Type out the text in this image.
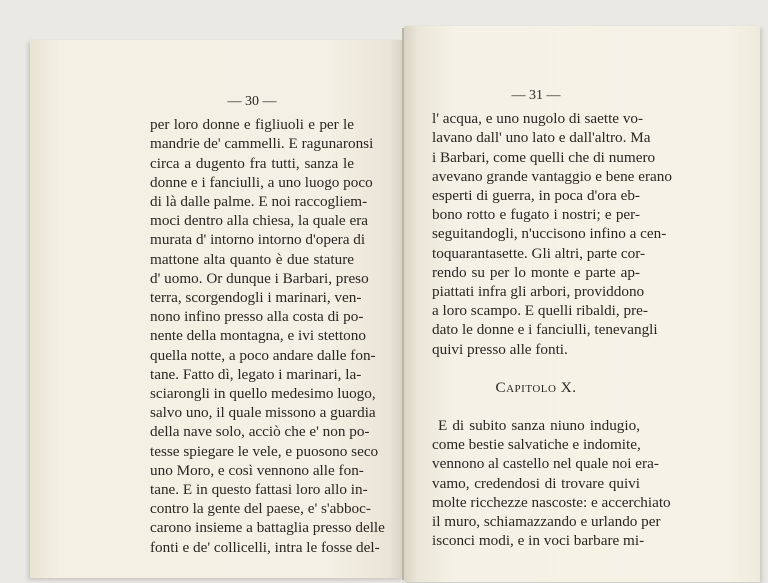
— 30 —
per loro donne e figliuoli e per le
mandrie de' cammelli. E ragunaronsi
circa a dugento fra tutti, sanza le
donne e i fanciulli, a uno luogo poco
di là dalle palme. E noi raccogliem-
moci dentro alla chiesa, la quale era
murata d' intorno intorno d'opera di
mattone alta quanto è due stature
d' uomo. Or dunque i Barbari, preso
terra, scorgendogli i marinari, ven-
nono infino presso alla costa di po-
nente della montagna, e ivi stettono
quella notte, a poco andare dalle fon-
tane. Fatto dì, legato i marinari, la-
sciarongli in quello medesimo luogo,
salvo uno, il quale missono a guardia
della nave solo, acciò che e' non po-
tesse spiegare le vele, e puosono seco
uno Moro, e così vennono alle fon-
tane. E in questo fattasi loro allo in-
contro la gente del paese, e' s'abboc-
carono insieme a battaglia presso delle
fonti e de' collicelli, intra le fosse del-
— 31 —
l' acqua, e uno nugolo di saette vo-
lavano dall' uno lato e dall'altro. Ma
i Barbari, come quelli che di numero
avevano grande vantaggio e bene erano
esperti di guerra, in poca d'ora eb-
bono rotto e fugato i nostri; e per-
seguitandogli, n'uccisono infino a cen-
toquarantasette. Gli altri, parte cor-
rendo su per lo monte e parte ap-
piattati infra gli arbori, providdono
a loro scampo. E quelli ribaldi, pre-
dato le donne e i fanciulli, tenevangli
quivi presso alle fonti.
Capitolo X.
E di subito sanza niuno indugio,
come bestie salvatiche e indomite,
vennono al castello nel quale noi era-
vamo, credendosi di trovare quivi
molte ricchezze nascoste: e accerchiato
il muro, schiamazzando e urlando per
isconci modi, e in voci barbare mi-
